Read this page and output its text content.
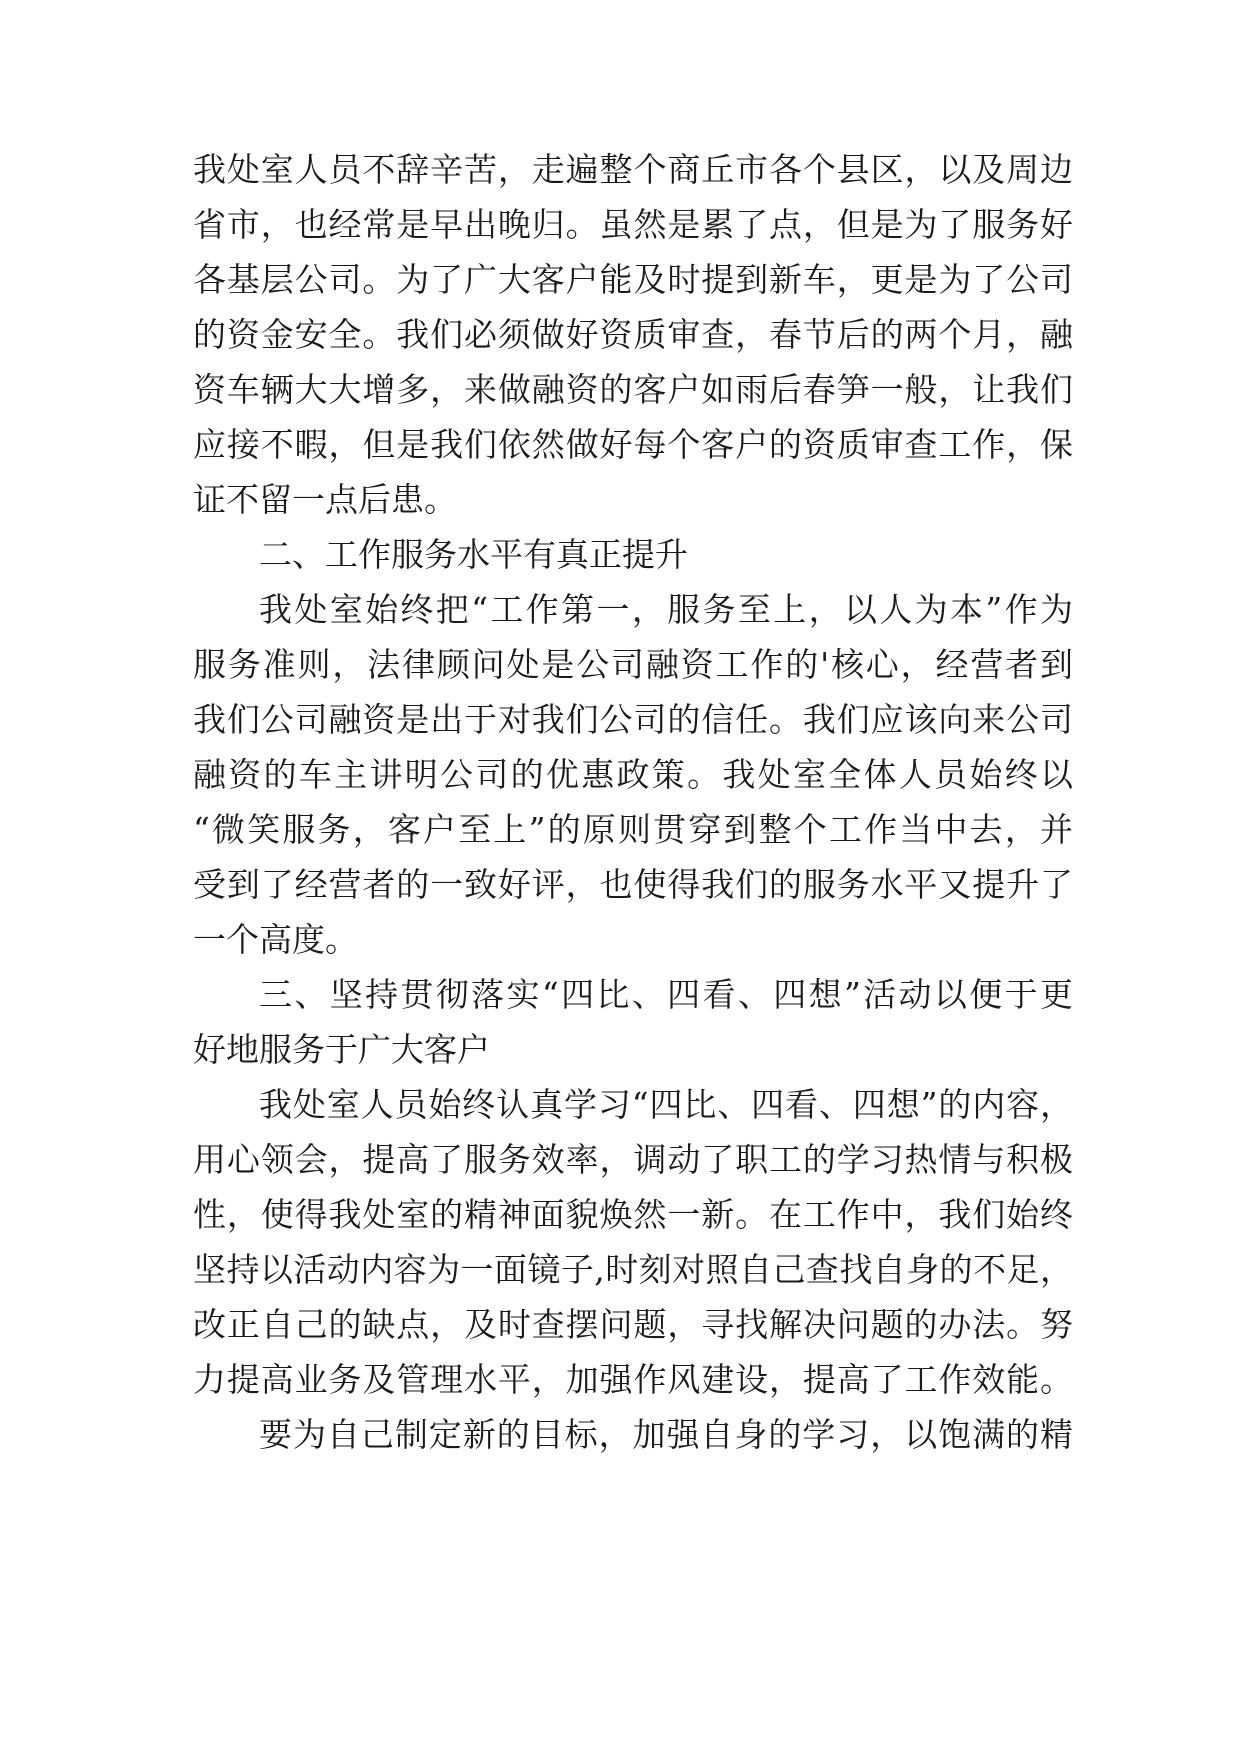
我处室人员不辞辛苦，走遍整个商丘市各个县区，以及周边
省市，也经常是早出晚归。虽然是累了点，但是为了服务好
各基层公司。为了广大客户能及时提到新车，更是为了公司
的资金安全。我们必须做好资质审查，春节后的两个月，融
资车辆大大增多，来做融资的客户如雨后春笋一般，让我们
应接不暇，但是我们依然做好每个客户的资质审查工作，保
证不留一点后患。
二、工作服务水平有真正提升
我处室始终把“工作第一，服务至上，以人为本”作为
服务准则，法律顾问处是公司融资工作的'核心，经营者到
我们公司融资是出于对我们公司的信任。我们应该向来公司
融资的车主讲明公司的优惠政策。我处室全体人员始终以
“微笑服务，客户至上”的原则贯穿到整个工作当中去，并
受到了经营者的一致好评，也使得我们的服务水平又提升了
一个高度。
三、坚持贯彻落实“四比、四看、四想”活动以便于更
好地服务于广大客户
我处室人员始终认真学习“四比、四看、四想”的内容，
用心领会，提高了服务效率，调动了职工的学习热情与积极
性，使得我处室的精神面貌焕然一新。在工作中，我们始终
坚持以活动内容为一面镜子,时刻对照自己查找自身的不足，
改正自己的缺点，及时查摆问题，寻找解决问题的办法。努
力提高业务及管理水平，加强作风建设，提高了工作效能。
要为自己制定新的目标，加强自身的学习，以饱满的精
